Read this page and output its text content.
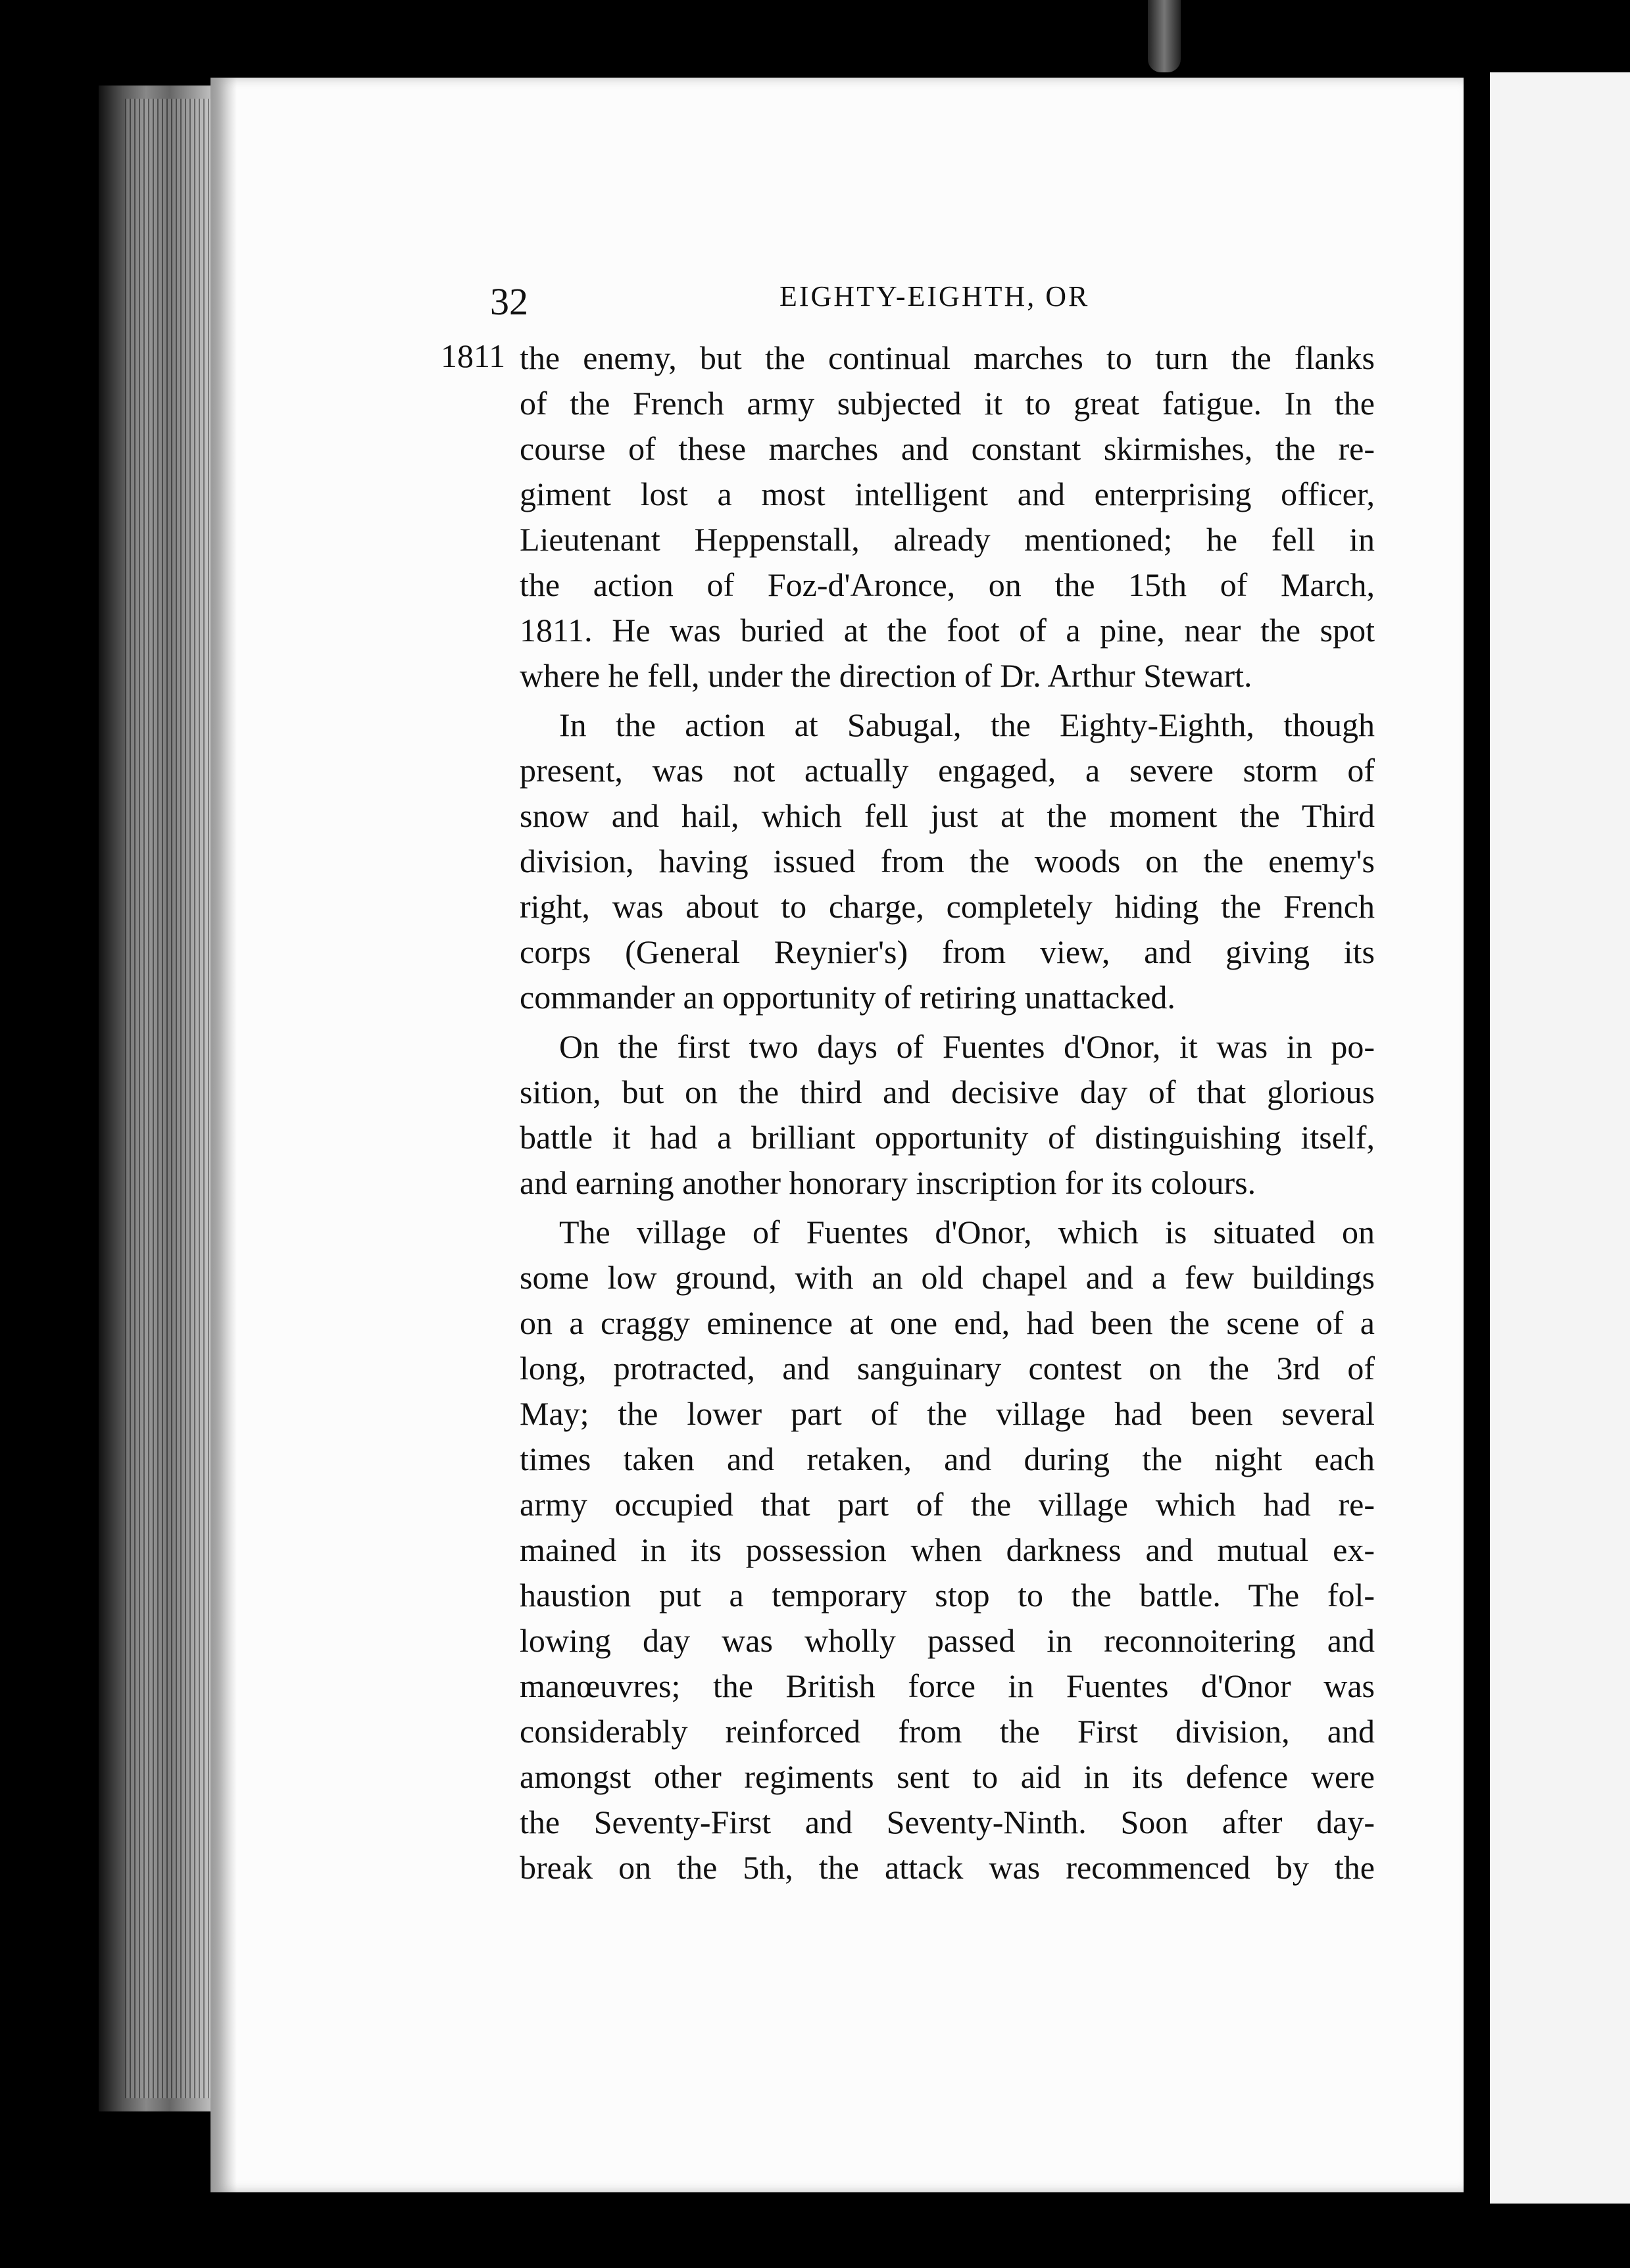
32	EIGHTY-EIGHTH, OR
1811 the enemy, but the continual marches to turn the flanks
of the French army subjected it to great fatigue. In the
course of these marches and constant skirmishes, the re-
giment lost a most intelligent and enterprising officer,
Lieutenant Heppenstall, already mentioned; he fell in
the action of Foz-d'Aronce, on the 15th of March,
1811. He was buried at the foot of a pine, near the spot
where he fell, under the direction of Dr. Arthur Stewart.
In the action at Sabugal, the Eighty-Eighth, though
present, was not actually engaged, a severe storm of
snow and hail, which fell just at the moment the Third
division, having issued from the woods on the enemy's
right, was about to charge, completely hiding the French
corps (General Reynier's) from view, and giving its
commander an opportunity of retiring unattacked.
On the first two days of Fuentes d'Onor, it was in po-
sition, but on the third and decisive day of that glorious
battle it had a brilliant opportunity of distinguishing itself,
and earning another honorary inscription for its colours.
The village of Fuentes d'Onor, which is situated on
some low ground, with an old chapel and a few buildings
on a craggy eminence at one end, had been the scene of a
long, protracted, and sanguinary contest on the 3rd of
May; the lower part of the village had been several
times taken and retaken, and during the night each
army occupied that part of the village which had re-
mained in its possession when darkness and mutual ex-
haustion put a temporary stop to the battle. The fol-
lowing day was wholly passed in reconnoitering and
manœuvres; the British force in Fuentes d'Onor was
considerably reinforced from the First division, and
amongst other regiments sent to aid in its defence were
the Seventy-First and Seventy-Ninth. Soon after day-
break on the 5th, the attack was recommenced by the
